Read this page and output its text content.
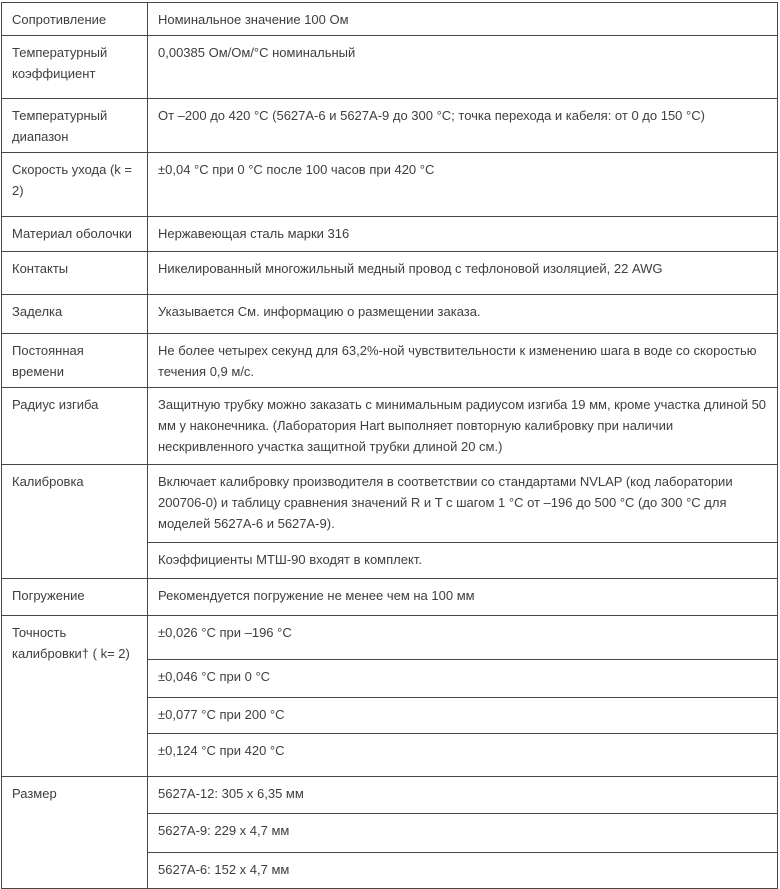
Сопротивление	Номинальное значение 100 Ом
Температурный коэффициент	0,00385 Ом/Ом/°С номинальный
Температурный диапазон	От –200 до 420 °C (5627A-6 и 5627A-9 до 300 °C; точка перехода и кабеля: от 0 до 150 °C)
Скорость ухода (k = 2)	±0,04 °C при 0 °C после 100 часов при 420 °C
Материал оболочки	Нержавеющая сталь марки 316
Контакты	Никелированный многожильный медный провод с тефлоновой изоляцией, 22 AWG
Заделка	Указывается См. информацию о размещении заказа.
Постоянная времени	Не более четырех секунд для 63,2%-ной чувствительности к изменению шага в воде со скоростью течения 0,9 м/с.
Радиус изгиба	Защитную трубку можно заказать с минимальным радиусом изгиба 19 мм, кроме участка длиной 50 мм у наконечника. (Лаборатория Hart выполняет повторную калибровку при наличии нескривленного участка защитной трубки длиной 20 см.)
Калибровка	Включает калибровку производителя в соответствии со стандартами NVLAP (код лаборатории 200706-0) и таблицу сравнения значений R и T с шагом 1 °C от –196 до 500 °C (до 300 °C для моделей 5627A-6 и 5627A-9).
	Коэффициенты МТШ-90 входят в комплект.
Погружение	Рекомендуется погружение не менее чем на 100 мм
Точность калибровки† ( k= 2)	±0,026 °C при –196 °C
	±0,046 °C при 0 °C
	±0,077 °C при 200 °C
	±0,124 °C при 420 °C
Размер	5627A-12: 305 x 6,35 мм
	5627A-9: 229 x 4,7 мм
	5627A-6: 152 x 4,7 мм
